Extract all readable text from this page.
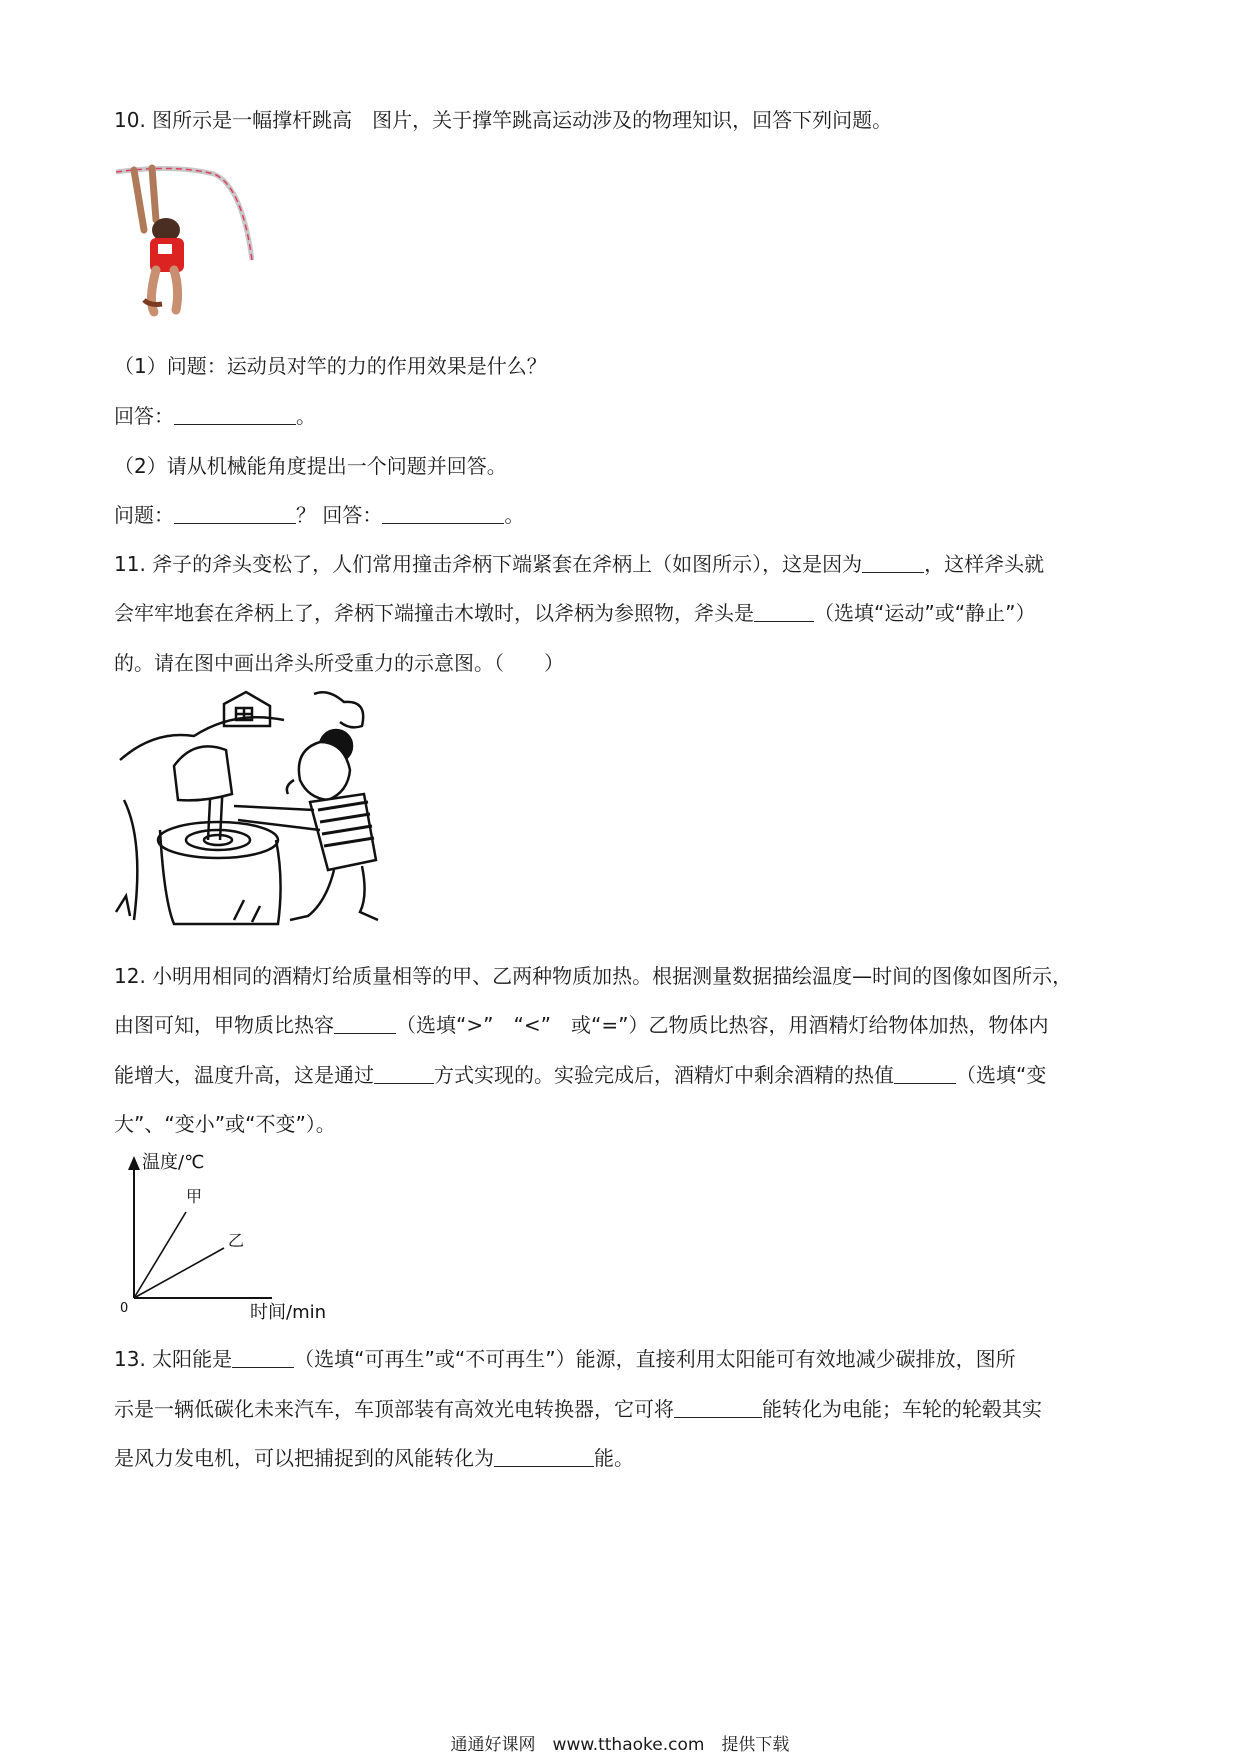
10. 图所示是一幅撑杆跳高　图片，关于撑竿跳高运动涉及的物理知识，回答下列问题。
（1）问题：运动员对竿的力的作用效果是什么？
回答：	。
（2）请从机械能角度提出一个问题并回答。
问题：	？ 回答：	。
11. 斧子的斧头变松了，人们常用撞击斧柄下端紧套在斧柄上（如图所示），这是因为	，这样斧头就
会牢牢地套在斧柄上了，斧柄下端撞击木墩时，以斧柄为参照物，斧头是	（选填“运动”或“静止”）
的。请在图中画出斧头所受重力的示意图。（　　）
12. 小明用相同的酒精灯给质量相等的甲、乙两种物质加热。根据测量数据描绘温度—时间的图像如图所示，
由图可知，甲物质比热容	（选填“>”　“<”　或“=”）乙物质比热容，用酒精灯给物体加热，物体内
能增大，温度升高，这是通过	方式实现的。实验完成后，酒精灯中剩余酒精的热值	（选填“变
大”、“变小”或“不变”）。
温度/℃
甲
乙
0	时间/min
13. 太阳能是	（选填“可再生”或“不可再生”）能源，直接利用太阳能可有效地减少碳排放，图所
示是一辆低碳化未来汽车，车顶部装有高效光电转换器，它可将	能转化为电能；车轮的轮毂其实
是风力发电机，可以把捕捉到的风能转化为	能。
通通好课网　www.tthaoke.com　提供下载
